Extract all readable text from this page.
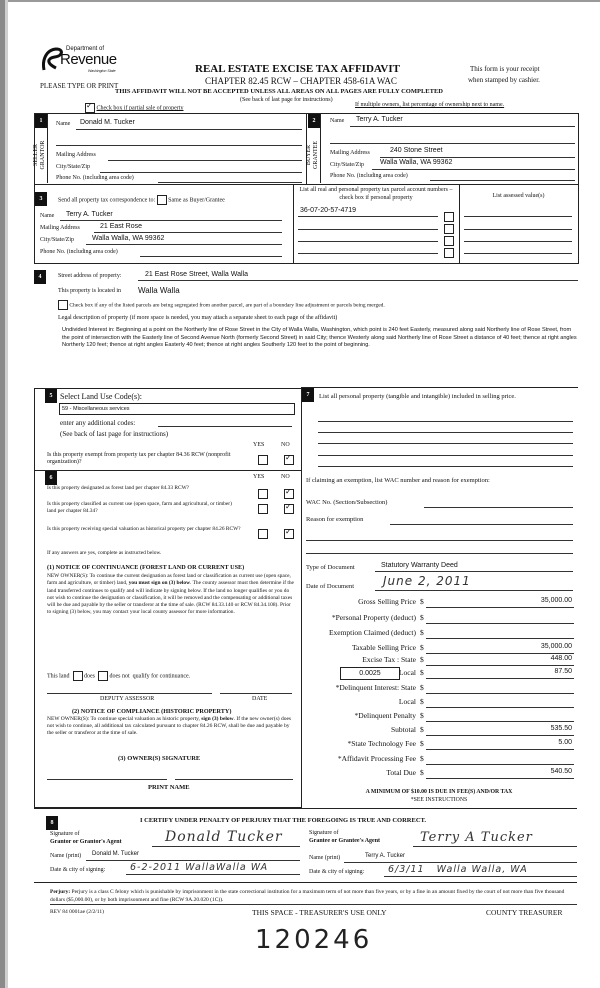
Department of
Revenue
Washington State
PLEASE TYPE OR PRINT
REAL ESTATE EXCISE TAX AFFIDAVIT
CHAPTER 82.45 RCW – CHAPTER 458-61A WAC
This form is your receipt
when stamped by cashier.
THIS AFFIDAVIT WILL NOT BE ACCEPTED UNLESS ALL AREAS ON ALL PAGES ARE FULLY COMPLETED
(See back of last page for instructions)
✓ Check box if partial sale of property
If multiple owners, list percentage of ownership next to name.
1
SELLER GRANTOR
Name Donald M. Tucker
Mailing Address
City/State/Zip
Phone No. (including area code)
2
BUYER GRANTEE
Name Terry A. Tucker
Mailing Address	240 Stone Street
City/State/Zip Walla Walla, WA 99362
Phone No. (including area code)
3	Send all property tax correspondence to: Same as Buyer/Grantee
Name Terry A. Tucker
Mailing Address	21 East Rose
City/State/Zip	Walla Walla, WA 99362
Phone No. (including area code)
List all real and personal property tax parcel account numbers – check box if personal property	List assessed value(s)
36-07-20-57-4719
4	Street address of property:	21 East Rose Street, Walla Walla
This property is located in Walla Walla
Check box if any of the listed parcels are being segregated from another parcel, are part of a boundary line adjustment or parcels being merged.
Legal description of property (if more space is needed, you may attach a separate sheet to each page of the affidavit)
Undivided Interest in: Beginning at a point on the Northerly line of Rose Street in the City of Walla Walla, Washington, which point is 240 feet Easterly, measured along said Northerly line of Rose Street, from the point of intersection with the Easterly line of Second Avenue North (formerly Second Street) in said City; thence Westerly along said Northerly line of Rose Street a distance of 40 feet; thence at right angles Northerly 120 feet; thence at right angles Easterly 40 feet; thence at right angles Southerly 120 feet to the point of beginning.
5 Select Land Use Code(s):
59 - Miscellaneous services
enter any additional codes:
(See back of last page for instructions)
YES	NO
Is this property exempt from property tax per chapter 84.36 RCW (nonprofit organization)?
✓
6	YES	NO
Is this property designated as forest land per chapter 84.33 RCW?
✓
Is this property classified as current use (open space, farm and agricultural, or timber) land per chapter 84.34?
✓
Is this property receiving special valuation as historical property per chapter 84.26 RCW?
✓
If any answers are yes, complete as instructed below.
(1) NOTICE OF CONTINUANCE (FOREST LAND OR CURRENT USE)
NEW OWNER(S): To continue the current designation as forest land or classification as current use (open space, farm and agriculture, or timber) land, you must sign on (3) below. The county assessor must then determine if the land transferred continues to qualify and will indicate by signing below. If the land no longer qualifies or you do not wish to continue the designation or classification, it will be removed and the compensating or additional taxes will be due and payable by the seller or transferor at the time of sale. (RCW 84.33.140 or RCW 84.34.108). Prior to signing (3) below, you may contact your local county assessor for more information.
This land does does not qualify for continuance.
DEPUTY ASSESSOR	DATE
(2) NOTICE OF COMPLIANCE (HISTORIC PROPERTY)
NEW OWNER(S): To continue special valuation as historic property, sign (3) below. If the new owner(s) does not wish to continue, all additional tax calculated pursuant to chapter 84.26 RCW, shall be due and payable by the seller or transferor at the time of sale.
(3) OWNER(S) SIGNATURE
PRINT NAME
7	List all personal property (tangible and intangible) included in selling price.
If claiming an exemption, list WAC number and reason for exemption:
WAC No. (Section/Subsection)
Reason for exemption
Type of Document	Statutory Warranty Deed
Date of Document June 2, 2011
Gross Selling Price $	35,000.00
*Personal Property (deduct) $
Exemption Claimed (deduct) $
Taxable Selling Price $	35,000.00
Excise Tax : State $	448.00
0.0025	Local $	87.50
*Delinquent Interest: State $
Local $
*Delinquent Penalty $
Subtotal $	535.50
*State Technology Fee $	5.00
*Affidavit Processing Fee $
Total Due $	540.50
A MINIMUM OF $10.00 IS DUE IN FEE(S) AND/OR TAX
*SEE INSTRUCTIONS
8	I CERTIFY UNDER PENALTY OF PERJURY THAT THE FOREGOING IS TRUE AND CORRECT.
Signature of
Grantor or Grantor's Agent	Donald Tucker
Name (print) Donald M. Tucker
Date & city of signing:	6-2-2011 WallaWalla WA
Signature of
Grantee or Grantee's Agent	Terry A Tucker
Name (print)	Terry A. Tucker
Date & city of signing: 6/3/11   Walla Walla, WA
Perjury: Perjury is a class C felony which is punishable by imprisonment in the state correctional institution for a maximum term of not more than five years, or by a fine in an amount fixed by the court of not more than five thousand dollars ($5,000.00), or by both imprisonment and fine (RCW 9A.20.020 (1C)).
REV 84 0001ae (2/2/11)	THIS SPACE - TREASURER'S USE ONLY	COUNTY TREASURER
120246
